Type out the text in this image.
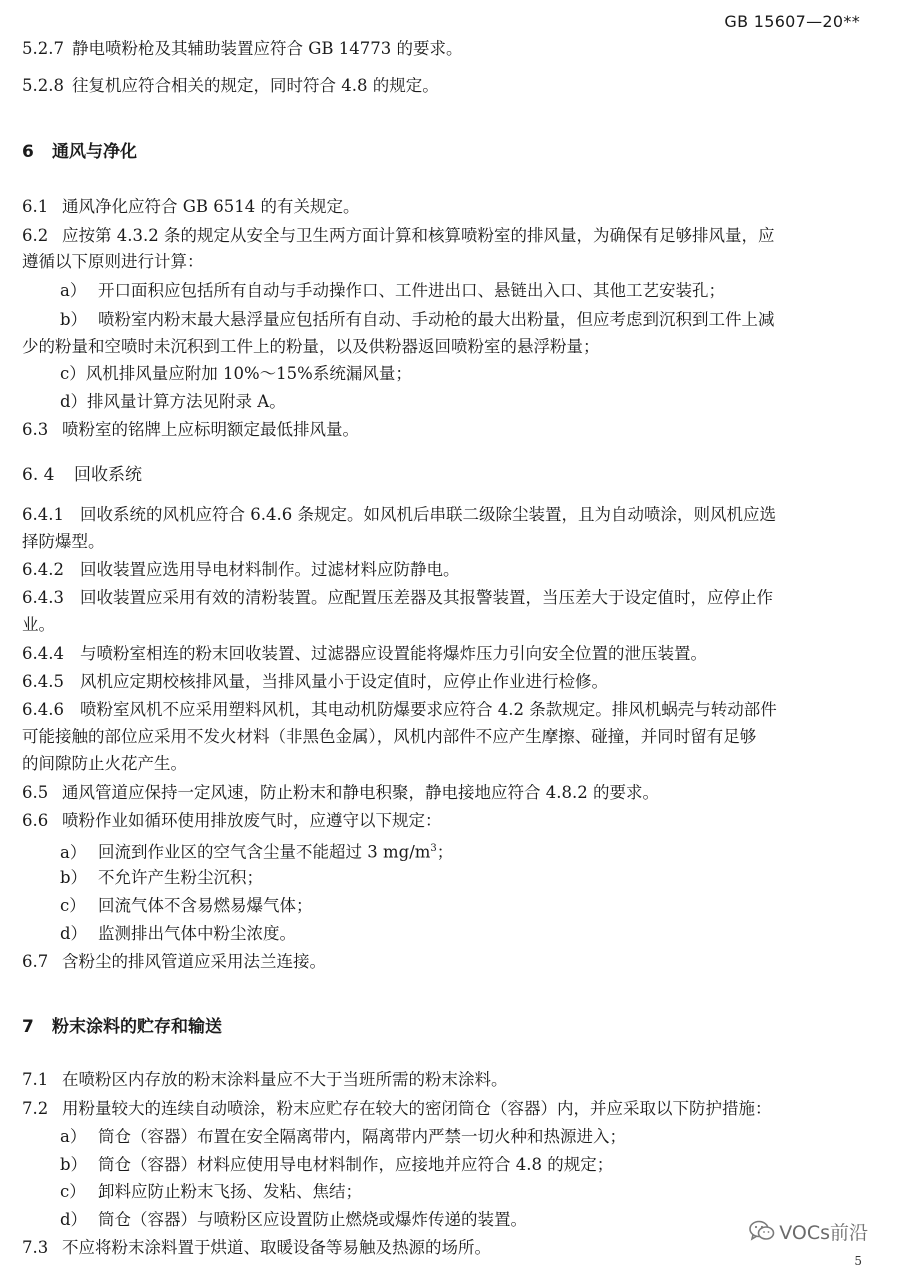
GB 15607—20**
5.2.7 静电喷粉枪及其辅助装置应符合 GB 14773 的要求。
5.2.8 往复机应符合相关的规定，同时符合 4.8 的规定。
6 通风与净化
6.1 通风净化应符合 GB 6514 的有关规定。
6.2 应按第 4.3.2 条的规定从安全与卫生两方面计算和核算喷粉室的排风量，为确保有足够排风量，应
遵循以下原则进行计算：
a） 开口面积应包括所有自动与手动操作口、工件进出口、悬链出入口、其他工艺安装孔；
b） 喷粉室内粉末最大悬浮量应包括所有自动、手动枪的最大出粉量，但应考虑到沉积到工件上减
少的粉量和空喷时未沉积到工件上的粉量，以及供粉器返回喷粉室的悬浮粉量；
c）风机排风量应附加 10%～15%系统漏风量；
d）排风量计算方法见附录 A。
6.3 喷粉室的铭牌上应标明额定最低排风量。
6. 4 回收系统
6.4.1 回收系统的风机应符合 6.4.6 条规定。如风机后串联二级除尘装置，且为自动喷涂，则风机应选
择防爆型。
6.4.2 回收装置应选用导电材料制作。过滤材料应防静电。
6.4.3 回收装置应采用有效的清粉装置。应配置压差器及其报警装置，当压差大于设定值时，应停止作
业。
6.4.4 与喷粉室相连的粉末回收装置、过滤器应设置能将爆炸压力引向安全位置的泄压装置。
6.4.5 风机应定期校核排风量，当排风量小于设定值时，应停止作业进行检修。
6.4.6 喷粉室风机不应采用塑料风机，其电动机防爆要求应符合 4.2 条款规定。排风机蜗壳与转动部件
可能接触的部位应采用不发火材料（非黑色金属），风机内部件不应产生摩擦、碰撞，并同时留有足够
的间隙防止火花产生。
6.5 通风管道应保持一定风速，防止粉末和静电积聚，静电接地应符合 4.8.2 的要求。
6.6 喷粉作业如循环使用排放废气时，应遵守以下规定：
a） 回流到作业区的空气含尘量不能超过 3 $mg/m^3$；
b） 不允许产生粉尘沉积；
c） 回流气体不含易燃易爆气体；
d） 监测排出气体中粉尘浓度。
6.7 含粉尘的排风管道应采用法兰连接。
7 粉末涂料的贮存和输送
7.1 在喷粉区内存放的粉末涂料量应不大于当班所需的粉末涂料。
7.2 用粉量较大的连续自动喷涂，粉末应贮存在较大的密闭筒仓（容器）内，并应采取以下防护措施：
a） 筒仓（容器）布置在安全隔离带内，隔离带内严禁一切火种和热源进入；
b） 筒仓（容器）材料应使用导电材料制作，应接地并应符合 4.8 的规定；
c） 卸料应防止粉末飞扬、发粘、焦结；
d） 筒仓（容器）与喷粉区应设置防止燃烧或爆炸传递的装置。
7.3 不应将粉末涂料置于烘道、取暖设备等易触及热源的场所。
VOCs前沿
5
